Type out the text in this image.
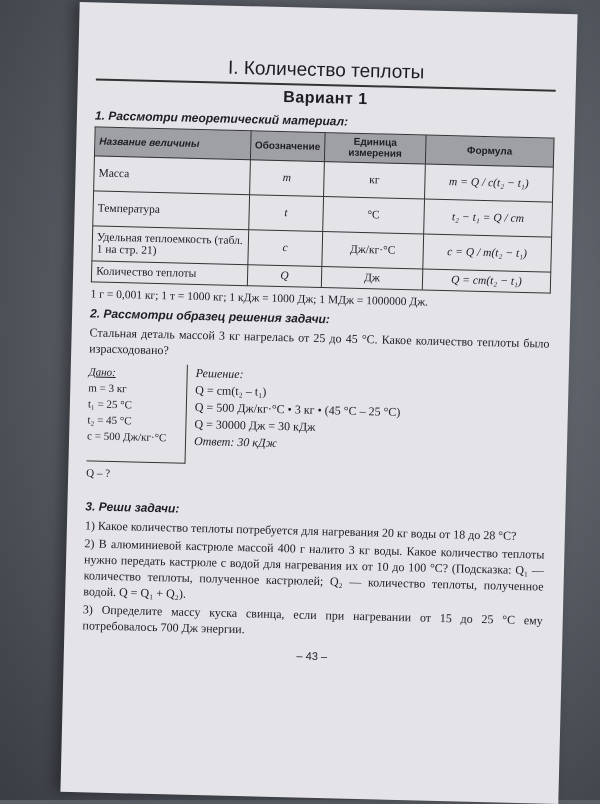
I. Количество теплоты
Вариант 1
1. Рассмотри теоретический материал:
Название величины	Обозначение	Единица измерения	Формула
Масса	m	кг	m = Q / c(t₂ − t₁)
Температура	t	°C	t₂ − t₁ = Q / cm
Удельная теплоемкость (табл. 1 на стр. 21)	c	Дж/кг·°C	c = Q / m(t₂ − t₁)
Количество теплоты	Q	Дж	Q = cm(t₂ − t₁)
1 г = 0,001 кг; 1 т = 1000 кг; 1 кДж = 1000 Дж; 1 МДж = 1000000 Дж.
2. Рассмотри образец решения задачи:
Стальная деталь массой 3 кг нагрелась от 25 до 45 °C. Какое количество теплоты было израсходовано?
Дано:
m = 3 кг
t₁ = 25 °C
t₂ = 45 °C
c = 500 Дж/кг·°C
Решение:
Q = cm(t₂ – t₁)
Q = 500 Дж/кг·°C • 3 кг • (45 °C – 25 °C)
Q = 30000 Дж = 30 кДж
Ответ: 30 кДж
Q – ?
3. Реши задачи:

1) Какое количество теплоты потребуется для нагревания 20 кг воды от 18 до 28 °C?

2) В алюминиевой кастрюле массой 400 г налито 3 кг воды. Какое количество теплоты нужно передать кастрюле с водой для нагревания их от 10 до 100 °C? (Подсказка: Q₁ — количество теплоты, полученное кастрюлей; Q₂ — количество теплоты, полученное водой. Q = Q₁ + Q₂).

3) Определите массу куска свинца, если при нагревании от 15 до 25 °C ему потребовалось 700 Дж энергии.

– 43 –
